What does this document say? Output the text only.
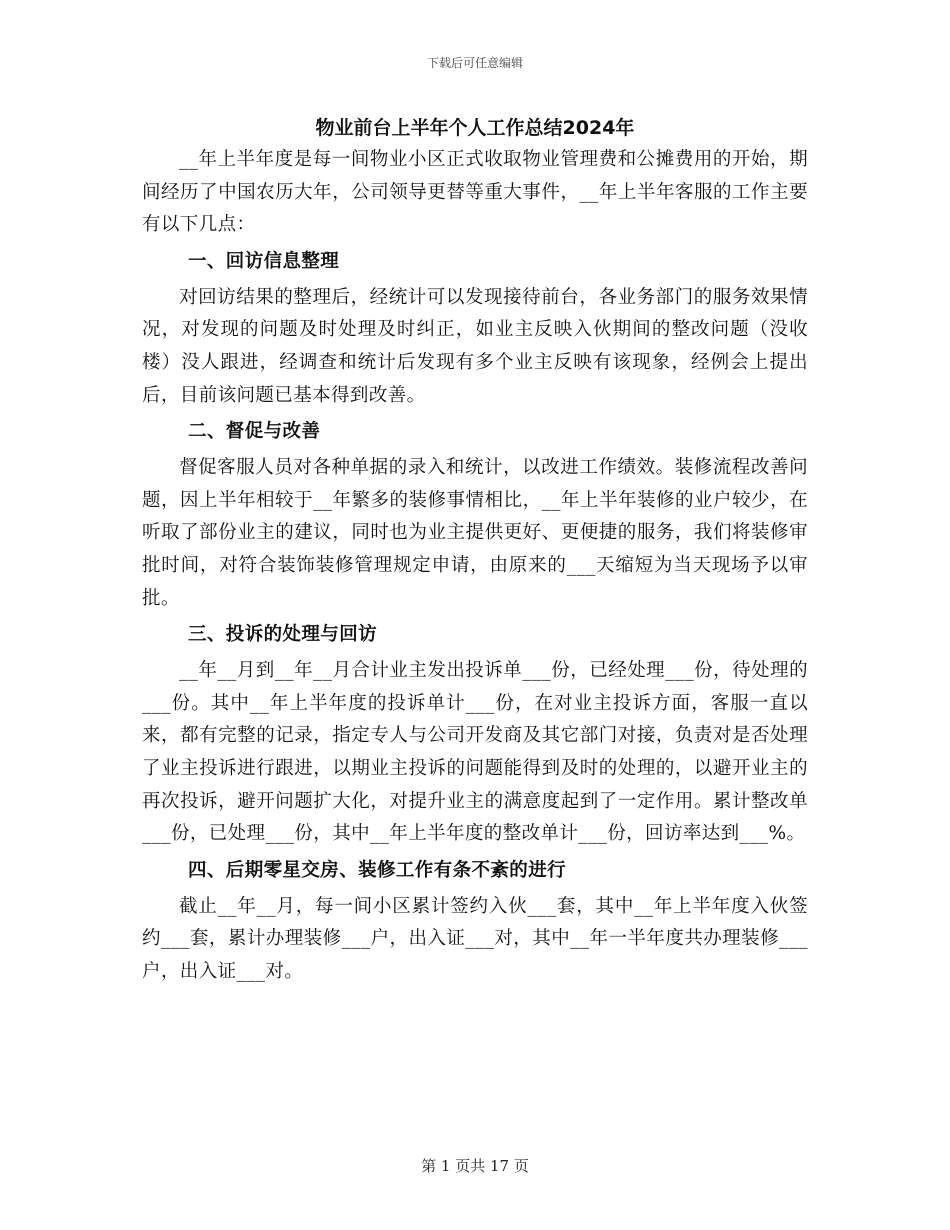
下载后可任意编辑
物业前台上半年个人工作总结2024年

__年上半年度是每一间物业小区正式收取物业管理费和公摊费用的开始，期间经历了中国农历大年，公司领导更替等重大事件，__年上半年客服的工作主要有以下几点：

一、回访信息整理

对回访结果的整理后，经统计可以发现接待前台，各业务部门的服务效果情况，对发现的问题及时处理及时纠正，如业主反映入伙期间的整改问题（没收楼）没人跟进，经调查和统计后发现有多个业主反映有该现象，经例会上提出后，目前该问题已基本得到改善。

二、督促与改善

督促客服人员对各种单据的录入和统计，以改进工作绩效。装修流程改善问题，因上半年相较于__年繁多的装修事情相比，__年上半年装修的业户较少，在听取了部份业主的建议，同时也为业主提供更好、更便捷的服务，我们将装修审批时间，对符合装饰装修管理规定申请，由原来的___天缩短为当天现场予以审批。

三、投诉的处理与回访

__年__月到__年__月合计业主发出投诉单___份，已经处理___份，待处理的___份。其中__年上半年度的投诉单计___份，在对业主投诉方面，客服一直以来，都有完整的记录，指定专人与公司开发商及其它部门对接，负责对是否处理了业主投诉进行跟进，以期业主投诉的问题能得到及时的处理的，以避开业主的再次投诉，避开问题扩大化，对提升业主的满意度起到了一定作用。累计整改单___份，已处理___份，其中__年上半年度的整改单计___份，回访率达到___%。

四、后期零星交房、装修工作有条不紊的进行

截止__年__月，每一间小区累计签约入伙___套，其中__年上半年度入伙签约___套，累计办理装修___户，出入证___对，其中__年一半年度共办理装修___户，出入证___对。

第 1 页共 17 页
